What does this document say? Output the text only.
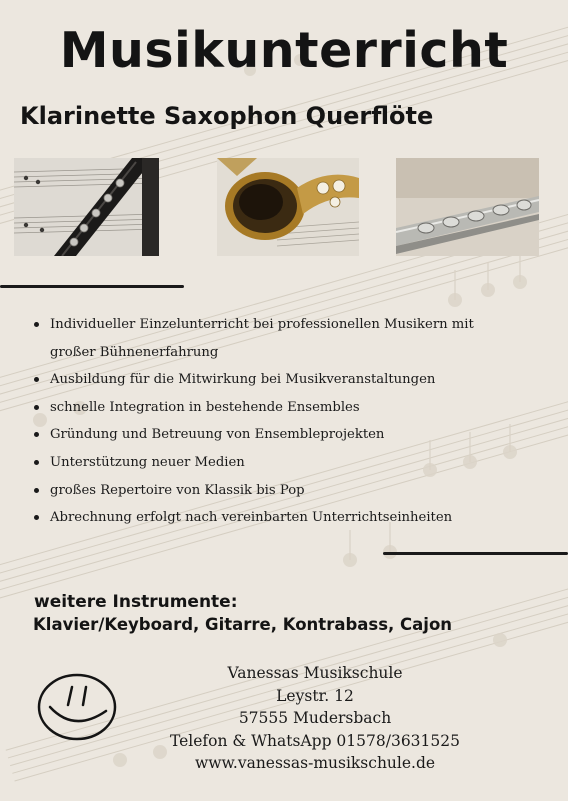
Musikunterricht
Klarinette Saxophon Querflöte
Individueller Einzelunterricht bei professionellen Musikern mit
großer Bühnenerfahrung
Ausbildung für die Mitwirkung bei Musikveranstaltungen
schnelle Integration in bestehende Ensembles
Gründung und Betreuung von Ensembleprojekten
Unterstützung neuer Medien
großes Repertoire von Klassik bis Pop
Abrechnung erfolgt nach vereinbarten Unterrichtseinheiten
weitere Instrumente:
Klavier/Keyboard, Gitarre, Kontrabass, Cajon
Vanessas Musikschule
Leystr. 12
57555 Mudersbach
Telefon & WhatsApp 01578/3631525
www.vanessas-musikschule.de
